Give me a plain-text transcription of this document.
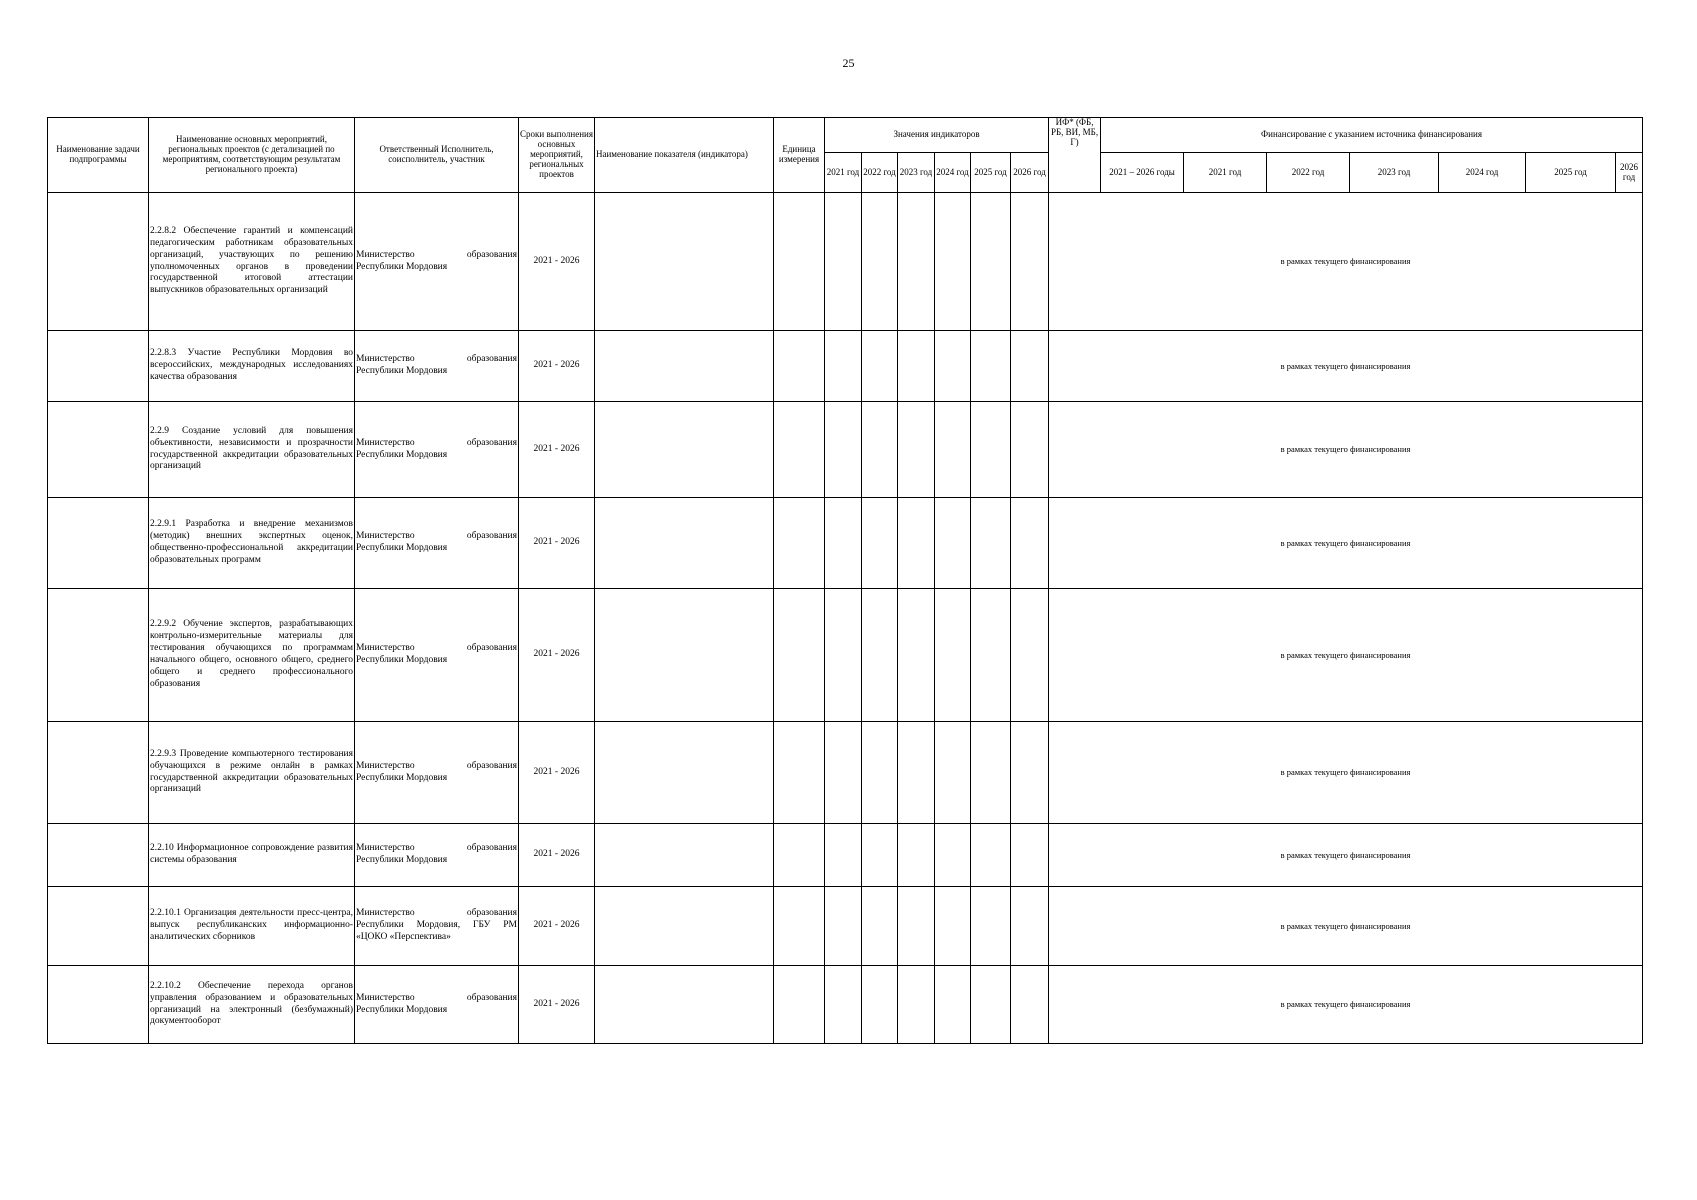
25
Наименование задачи подпрограммы	Наименование основных мероприятий, региональных проектов (с детализацией по мероприятиям, соответствующим результатам регионального проекта)	Ответственный Исполнитель, соисполнитель, участник	Сроки выполнения основных мероприятий, региональных проектов	Наименование показателя (индикатора)	Единица измерения	Значения индикаторов						ИФ* (ФБ, РБ, ВИ, МБ, Г)	Финансирование с указанием источника финансирования						
						2021 год	2022 год	2023 год	2024 год	2025 год	2026 год		2021 – 2026 годы	2021 год	2022 год	2023 год	2024 год	2025 год	2026 год
	2.2.8.2 Обеспечение гарантий и компенсаций педагогическим работникам образовательных организаций, участвующих по решению уполномоченных органов в проведении государственной итоговой аттестации выпускников образовательных организаций	Министерство образования Республики Мордовия	2021 - 2026									в рамках текущего финансирования							
	2.2.8.3 Участие Республики Мордовия во всероссийских, международных исследованиях качества образования	Министерство образования Республики Мордовия	2021 - 2026									в рамках текущего финансирования							
	2.2.9 Создание условий для повышения объективности, независимости и прозрачности государственной аккредитации образовательных организаций	Министерство образования Республики Мордовия	2021 - 2026									в рамках текущего финансирования							
	2.2.9.1 Разработка и внедрение механизмов (методик) внешних экспертных оценок, общественно-профессиональной аккредитации образовательных программ	Министерство образования Республики Мордовия	2021 - 2026									в рамках текущего финансирования							
	2.2.9.2 Обучение экспертов, разрабатывающих контрольно-измерительные материалы для тестирования обучающихся по программам начального общего, основного общего, среднего общего и среднего профессионального образования	Министерство образования Республики Мордовия	2021 - 2026									в рамках текущего финансирования							
	2.2.9.3 Проведение компьютерного тестирования обучающихся в режиме онлайн в рамках государственной аккредитации образовательных организаций	Министерство образования Республики Мордовия	2021 - 2026									в рамках текущего финансирования							
	2.2.10 Информационное сопровождение развития системы образования	Министерство образования Республики Мордовия	2021 - 2026									в рамках текущего финансирования							
	2.2.10.1 Организация деятельности пресс-центра, выпуск республиканских информационно-аналитических сборников	Министерство образования Республики Мордовия, ГБУ РМ «ЦОКО «Перспектива»	2021 - 2026									в рамках текущего финансирования							
	2.2.10.2 Обеспечение перехода органов управления образованием и образовательных организаций на электронный (безбумажный) документооборот	Министерство образования Республики Мордовия	2021 - 2026									в рамках текущего финансирования							
